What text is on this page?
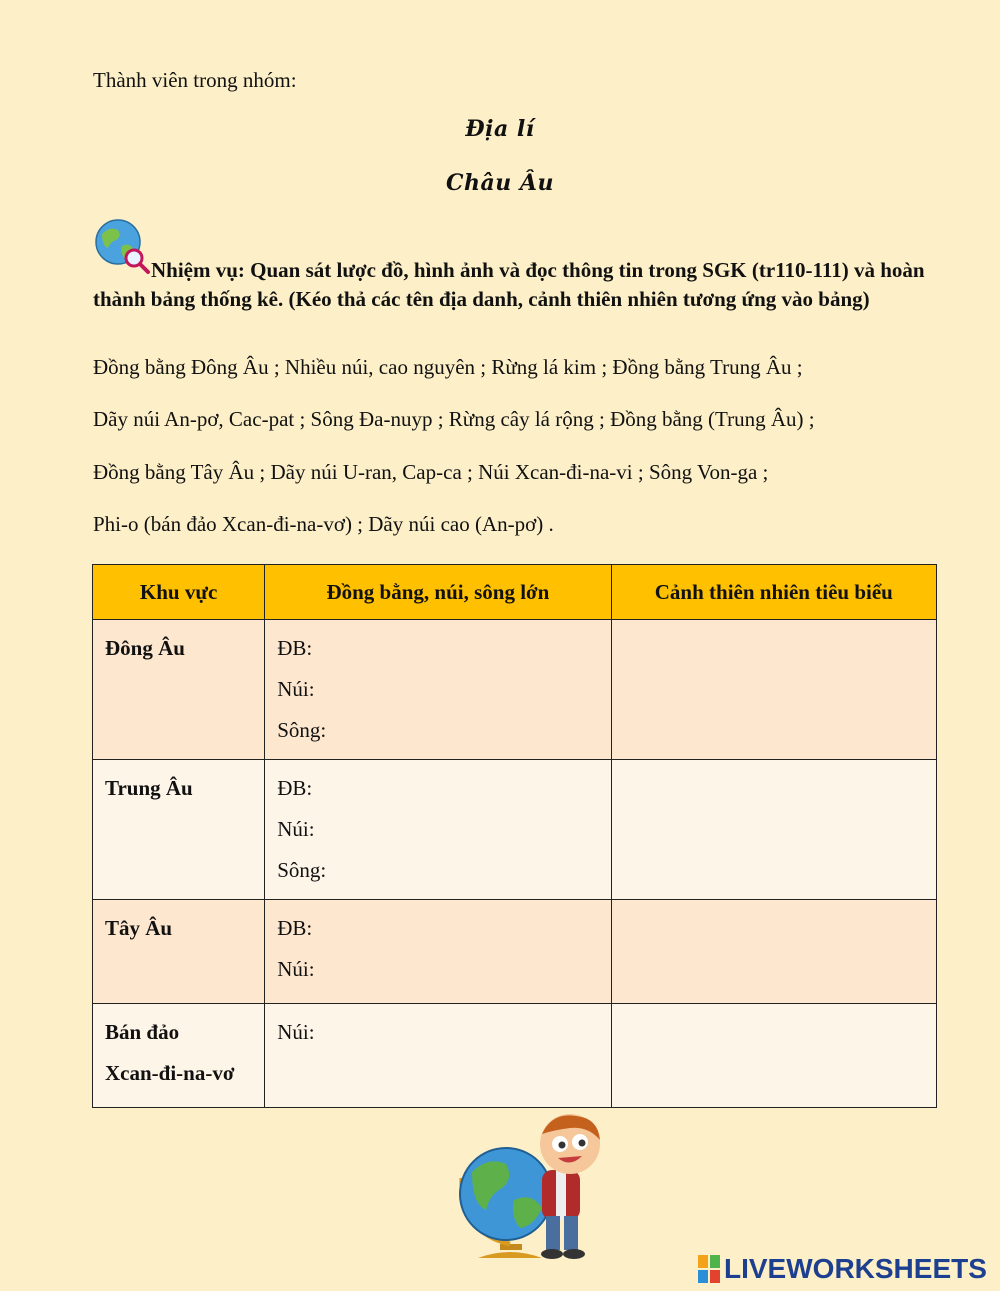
Thành viên trong nhóm:
Địa lí
Châu Âu
Nhiệm vụ: Quan sát lược đồ, hình ảnh và đọc thông tin trong SGK (tr110-111) và hoàn thành bảng thống kê. (Kéo thả các tên địa danh, cảnh thiên nhiên tương ứng vào bảng)
Đồng bằng Đông Âu ; Nhiều núi, cao nguyên ; Rừng lá kim ; Đồng bằng Trung Âu ;
Dãy núi An-pơ, Cac-pat ; Sông Đa-nuyp ; Rừng cây lá rộng ; Đồng bằng (Trung Âu) ;
Đồng bằng Tây Âu ; Dãy núi U-ran, Cap-ca ; Núi Xcan-đi-na-vi ; Sông Von-ga ;
Phi-o (bán đảo Xcan-đi-na-vơ) ; Dãy núi cao (An-pơ) .
Khu vực	Đồng bằng, núi, sông lớn	Cảnh thiên nhiên tiêu biểu
Đông Âu	ĐB:
Núi:
Sông:	

Trung Âu	ĐB:
Núi:
Sông:	

Tây Âu	ĐB:
Núi:	

Bán đảo
Xcan-đi-na-vơ	Núi:	

LIVEWORKSHEETS
